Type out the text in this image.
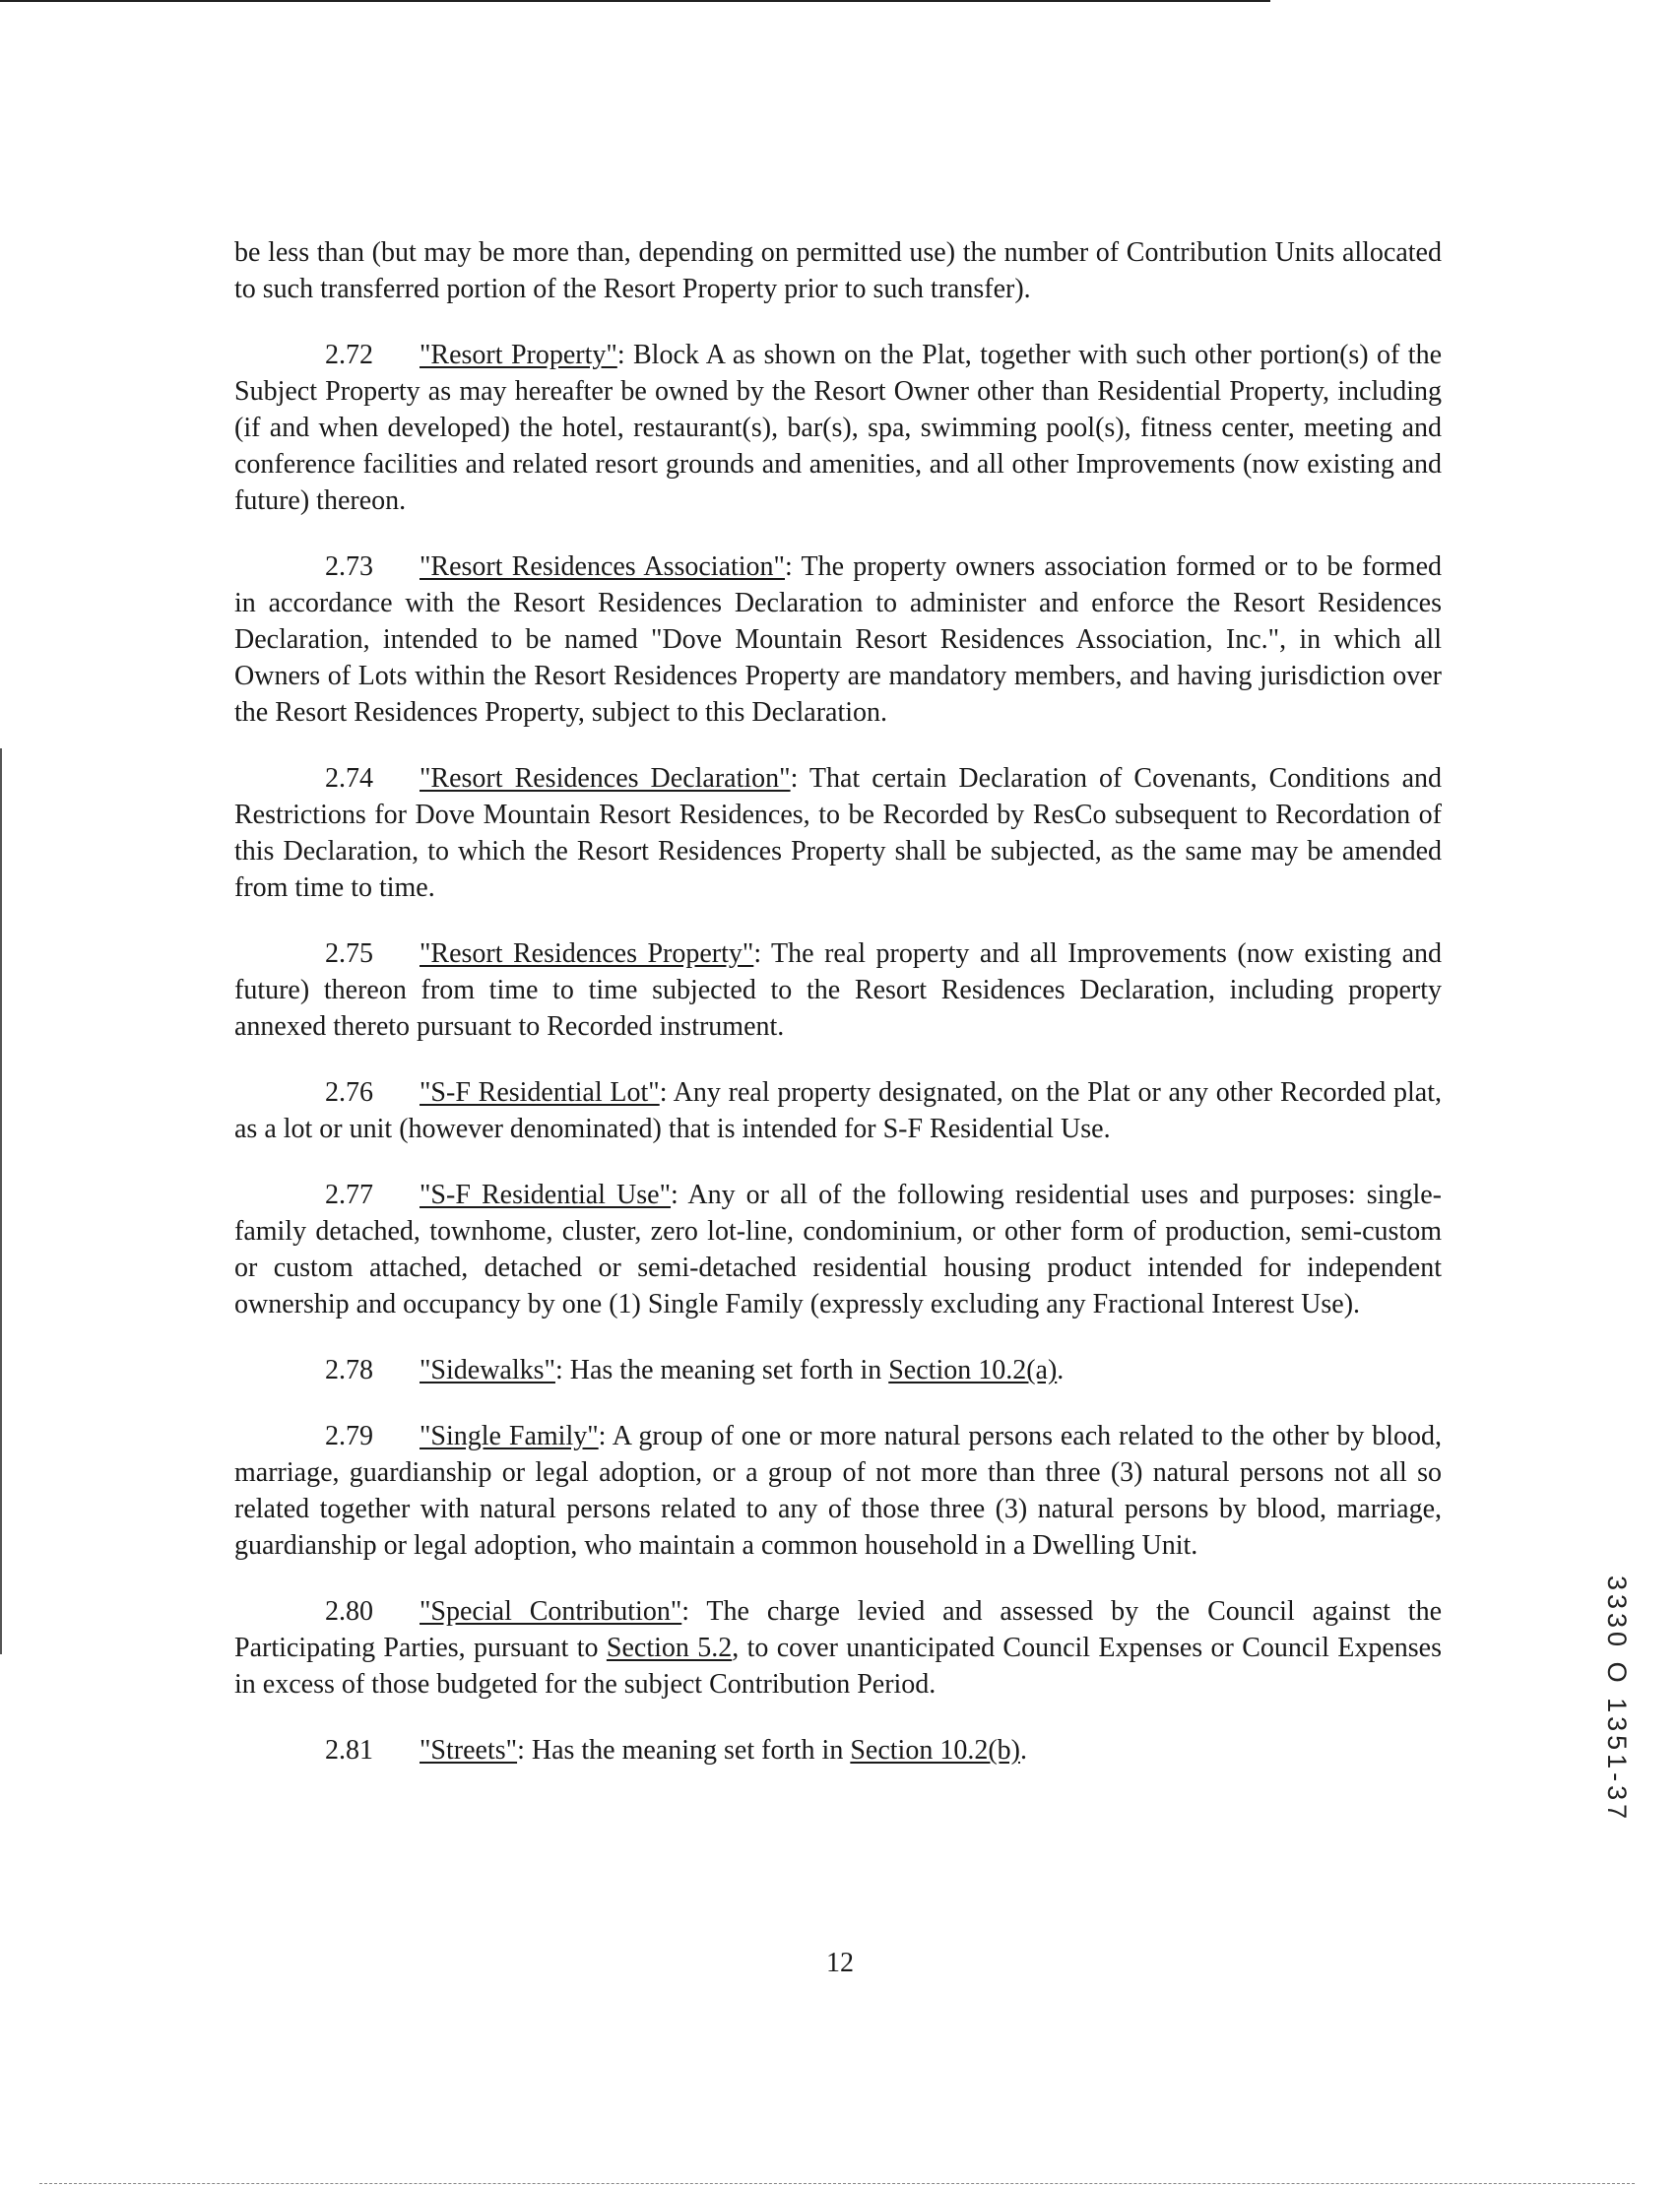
be less than (but may be more than, depending on permitted use) the number of Contribution Units allocated to such transferred portion of the Resort Property prior to such transfer).

2.72 "Resort Property": Block A as shown on the Plat, together with such other portion(s) of the Subject Property as may hereafter be owned by the Resort Owner other than Residential Property, including (if and when developed) the hotel, restaurant(s), bar(s), spa, swimming pool(s), fitness center, meeting and conference facilities and related resort grounds and amenities, and all other Improvements (now existing and future) thereon.

2.73 "Resort Residences Association": The property owners association formed or to be formed in accordance with the Resort Residences Declaration to administer and enforce the Resort Residences Declaration, intended to be named "Dove Mountain Resort Residences Association, Inc.", in which all Owners of Lots within the Resort Residences Property are mandatory members, and having jurisdiction over the Resort Residences Property, subject to this Declaration.

2.74 "Resort Residences Declaration": That certain Declaration of Covenants, Conditions and Restrictions for Dove Mountain Resort Residences, to be Recorded by ResCo subsequent to Recordation of this Declaration, to which the Resort Residences Property shall be subjected, as the same may be amended from time to time.

2.75 "Resort Residences Property": The real property and all Improvements (now existing and future) thereon from time to time subjected to the Resort Residences Declaration, including property annexed thereto pursuant to Recorded instrument.

2.76 "S-F Residential Lot": Any real property designated, on the Plat or any other Recorded plat, as a lot or unit (however denominated) that is intended for S-F Residential Use.

2.77 "S-F Residential Use": Any or all of the following residential uses and purposes: single-family detached, townhome, cluster, zero lot-line, condominium, or other form of production, semi-custom or custom attached, detached or semi-detached residential housing product intended for independent ownership and occupancy by one (1) Single Family (expressly excluding any Fractional Interest Use).

2.78 "Sidewalks": Has the meaning set forth in Section 10.2(a).

2.79 "Single Family": A group of one or more natural persons each related to the other by blood, marriage, guardianship or legal adoption, or a group of not more than three (3) natural persons not all so related together with natural persons related to any of those three (3) natural persons by blood, marriage, guardianship or legal adoption, who maintain a common household in a Dwelling Unit.

2.80 "Special Contribution": The charge levied and assessed by the Council against the Participating Parties, pursuant to Section 5.2, to cover unanticipated Council Expenses or Council Expenses in excess of those budgeted for the subject Contribution Period.

2.81 "Streets": Has the meaning set forth in Section 10.2(b).

12
3330 O 1351-37
